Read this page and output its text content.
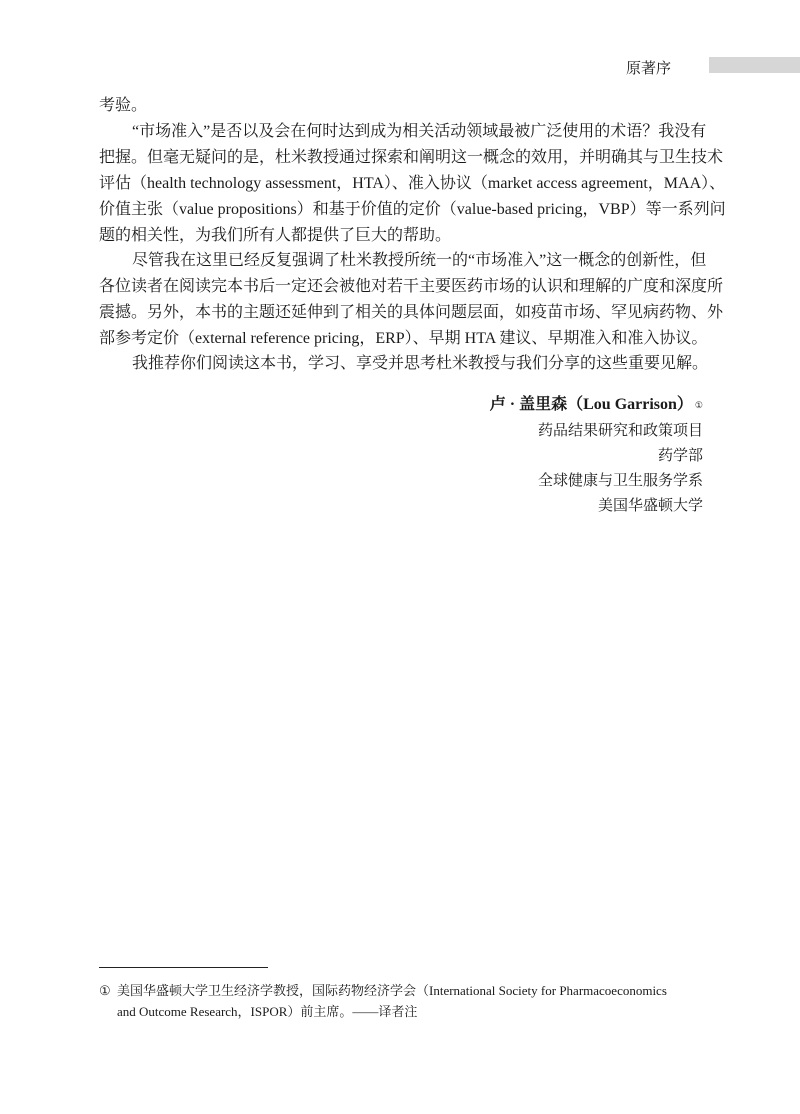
原著序
考验。
“市场准入”是否以及会在何时达到成为相关活动领域最被广泛使用的术语？我没有
把握。但毫无疑问的是，杜米教授通过探索和阐明这一概念的效用，并明确其与卫生技术
评估（health technology assessment，HTA）、准入协议（market access agreement，MAA）、
价值主张（value propositions）和基于价值的定价（value-based pricing，VBP）等一系列问
题的相关性，为我们所有人都提供了巨大的帮助。
尽管我在这里已经反复强调了杜米教授所统一的“市场准入”这一概念的创新性，但
各位读者在阅读完本书后一定还会被他对若干主要医药市场的认识和理解的广度和深度所
震撼。另外，本书的主题还延伸到了相关的具体问题层面，如疫苗市场、罕见病药物、外
部参考定价（external reference pricing，ERP）、早期 HTA 建议、早期准入和准入协议。
我推荐你们阅读这本书，学习、享受并思考杜米教授与我们分享的这些重要见解。
卢 · 盖里森（Lou Garrison） ①
药品结果研究和政策项目
药学部
全球健康与卫生服务学系
美国华盛顿大学
① 美国华盛顿大学卫生经济学教授，国际药物经济学会（International Society for Pharmacoeconomics
and Outcome Research，ISPOR）前主席。——译者注
